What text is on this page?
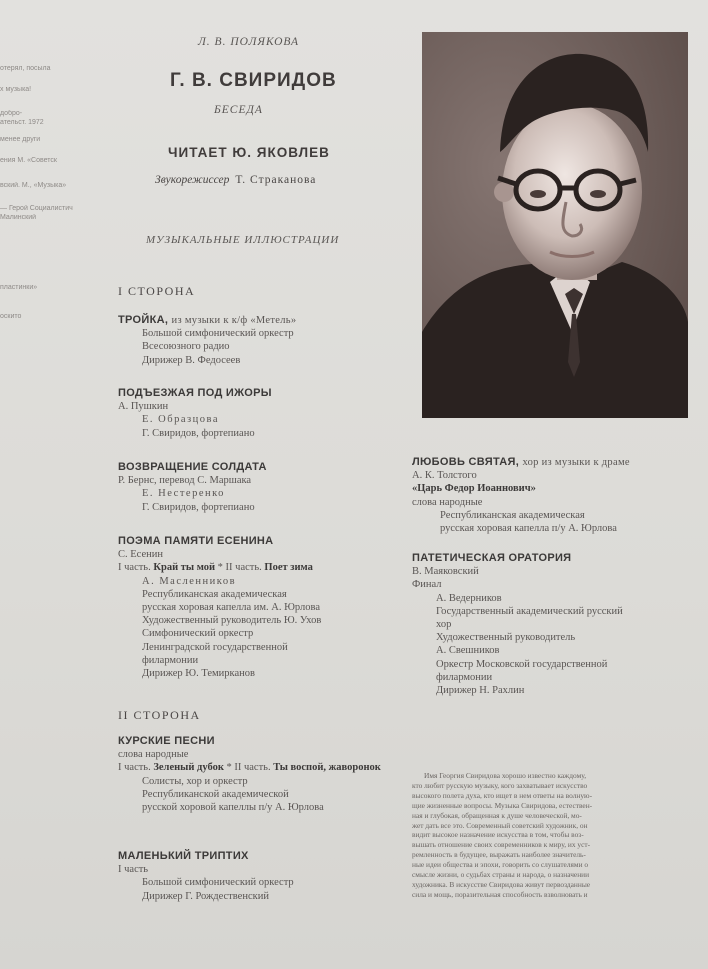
отерял, посыла
х музыка!
добро-
ательст. 1972
менее други
ения М. «Советск
вский. М., «Музыка»
— Герой Социалистич
Малинский
пластинки»
оскито
Л. В. ПОЛЯКОВА
Г. В. СВИРИДОВ
БЕСЕДА
ЧИТАЕТ Ю. ЯКОВЛЕВ
Звукорежиссер Т. Страканова
МУЗЫКАЛЬНЫЕ ИЛЛЮСТРАЦИИ
I СТОРОНА
ТРОЙКА, из музыки к к/ф «Метель»
Большой симфонический оркестр
Всесоюзного радио
Дирижер В. Федосеев
ПОДЪЕЗЖАЯ ПОД ИЖОРЫ
А. Пушкин
Е. Образцова
Г. Свиридов, фортепиано
ВОЗВРАЩЕНИЕ СОЛДАТА
Р. Бернс, перевод С. Маршака
Е. Нестеренко
Г. Свиридов, фортепиано
ПОЭМА ПАМЯТИ ЕСЕНИНА
С. Есенин
I часть. Край ты мой * II часть. Поет зима
А. Масленников
Республиканская академическая
русская хоровая капелла им. А. Юрлова
Художественный руководитель Ю. Ухов
Симфонический оркестр
Ленинградской государственной
филармонии
Дирижер Ю. Темирканов
II СТОРОНА
КУРСКИЕ ПЕСНИ
слова народные
I часть. Зеленый дубок * II часть. Ты воспой, жаворонок
Солисты, хор и оркестр
Республиканской академической
русской хоровой капеллы п/у А. Юрлова
МАЛЕНЬКИЙ ТРИПТИХ
I часть
Большой симфонический оркестр
Дирижер Г. Рождественский
ЛЮБОВЬ СВЯТАЯ, хор из музыки к драме
А. К. Толстого
«Царь Федор Иоаннович»
слова народные
Республиканская академическая
русская хоровая капелла п/у А. Юрлова
ПАТЕТИЧЕСКАЯ ОРАТОРИЯ
В. Маяковский
Финал
А. Ведерников
Государственный академический русский
хор
Художественный руководитель
А. Свешников
Оркестр Московской государственной
филармонии
Дирижер Н. Рахлин
Имя Георгия Свиридова хорошо известно каждому,
кто любит русскую музыку, кого захватывает искусство
высокого полета духа, кто ищет в нем ответы на волную-
щие жизненные вопросы. Музыка Свиридова, естествен-
ная и глубокая, обращенная к душе человеческой, мо-
жет дать все это. Современный советский художник, он
видит высокое назначение искусства в том, чтобы воз-
вышать отношение своих современников к миру, их уст-
ремленность в будущее, выражать наиболее значитель-
ные идеи общества и эпохи, говорить со слушателями о
смысле жизни, о судьбах страны и народа, о назначении
художника. В искусстве Свиридова живут первозданные
сила и мощь, поразительная способность взволновать и
